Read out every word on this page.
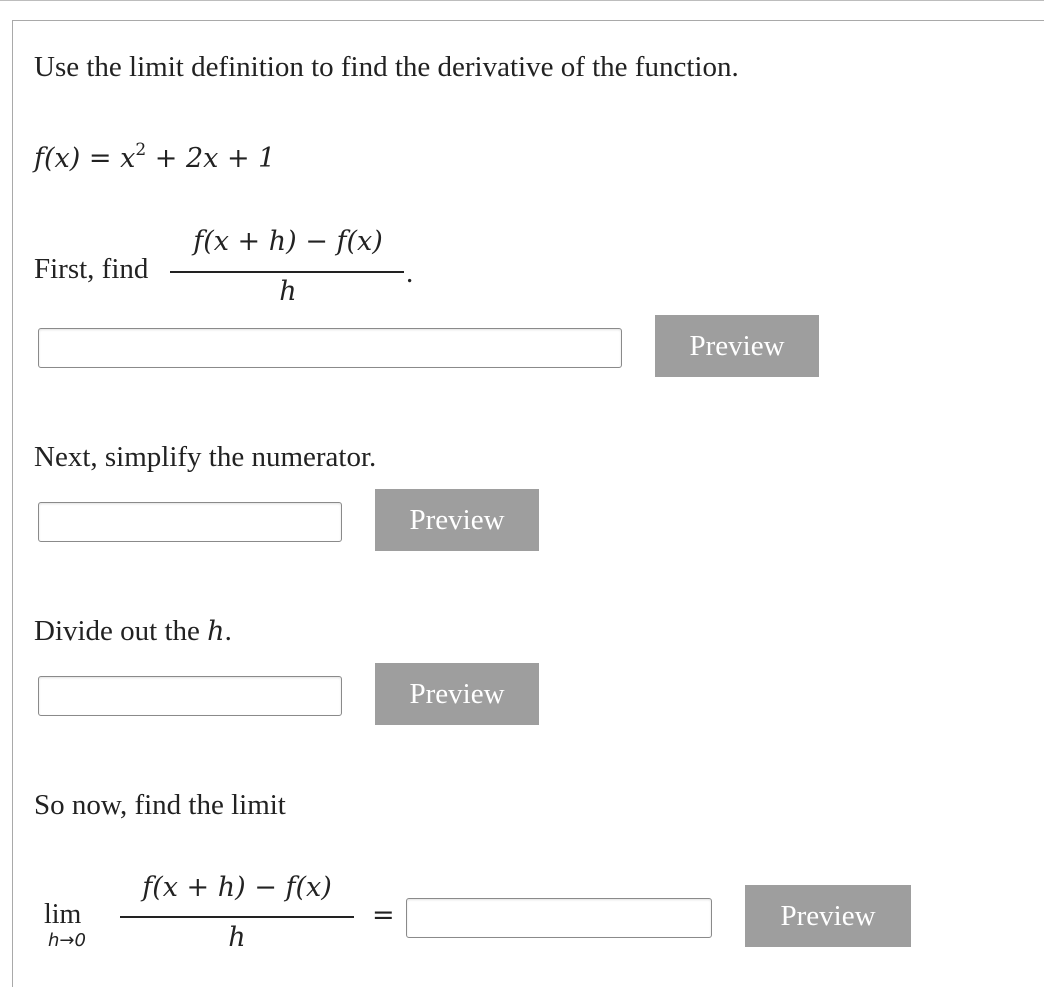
Use the limit definition to find the derivative of the function.
$f(x) = x^2 + 2x + 1$
First, find
f(x + h) − f(x)
h
.
Preview
Next, simplify the numerator.
Preview
Divide out the h.
Preview
So now, find the limit
lim
h→0
f(x + h) − f(x)
h
=	Preview
